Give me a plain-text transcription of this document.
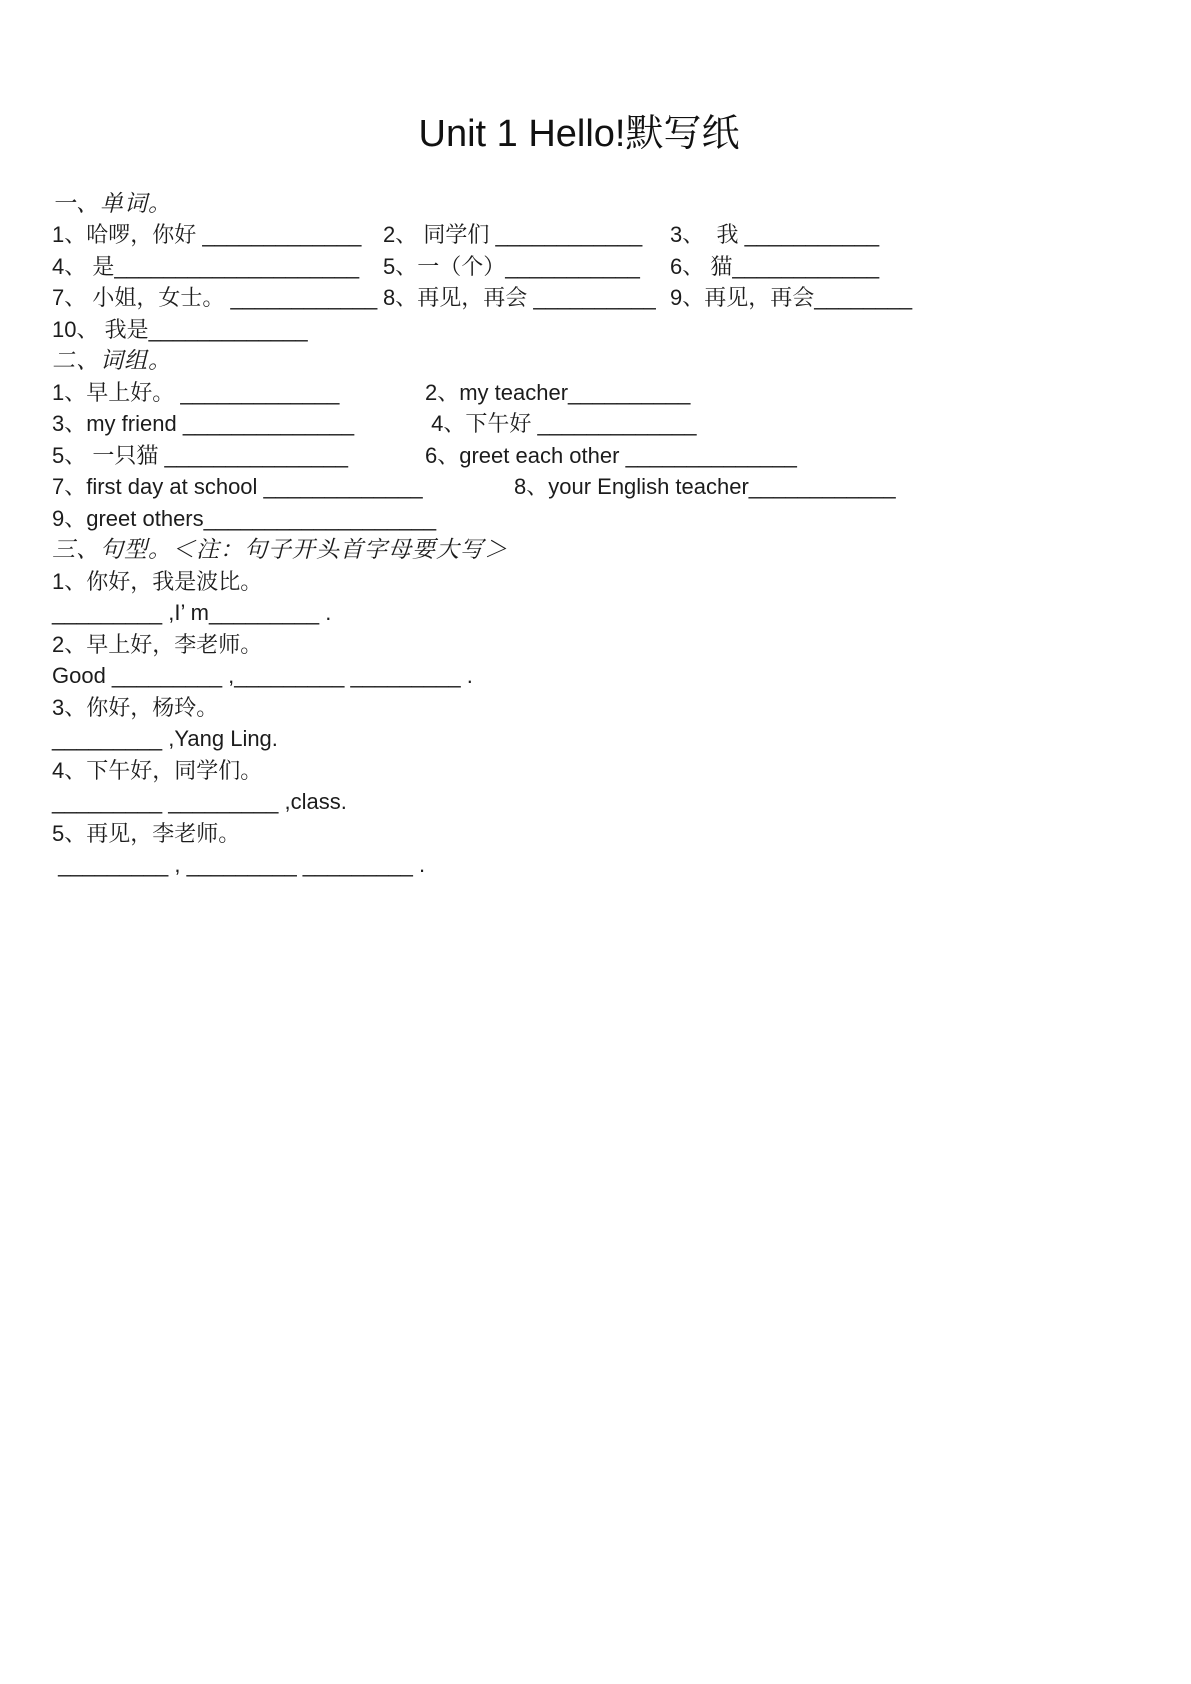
Unit 1 Hello!默写纸
一、单词。
1、哈啰，你好 _____________ 2、 同学们 ____________	3、  我 ___________
4、 是____________________	5、一（个）___________	6、 猫____________
7、 小姐，女士。 ____________ 8、再见，再会 __________ 9、再见，再会________
10、 我是_____________
二、词组。
1、早上好。 _____________	2、my teacher__________
3、my friend ______________	4、下午好 _____________
5、 一只猫 _______________	6、greet each other ______________
7、first day at school _____________	8、your English teacher____________
9、greet others___________________
三、句型。＜注：句子开头首字母要大写＞
1、你好，我是波比。
_________ ,I’ m_________ .
2、早上好，李老师。
Good _________ ,_________ _________ .
3、你好，杨玲。
_________ ,Yang Ling.
4、下午好，同学们。
_________ _________ ,class.
5、再见，李老师。
_________ , _________ _________ .
